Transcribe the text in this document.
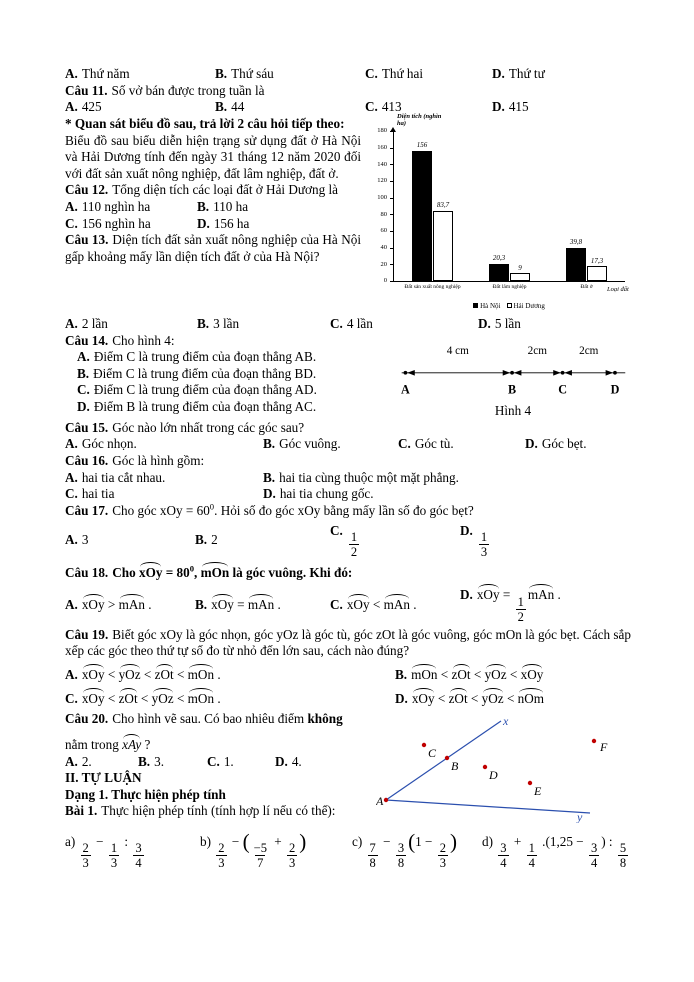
A. Thứ năm	B. Thứ sáu	C. Thứ hai	D. Thứ tư
Câu 11. Số vở bán được trong tuần là
A. 425	B. 44	C. 413	D. 415
* Quan sát biểu đồ sau, trả lời 2 câu hỏi tiếp theo:
Biểu đồ sau biểu diễn hiện trạng sử dụng đất ở Hà Nội và Hải Dương tính đến ngày 31 tháng 12 năm 2020 đối với đất sản xuất nông nghiệp, đất lâm nghiệp, đất ở.
Câu 12. Tổng diện tích các loại đất ở Hải Dương là
A. 110 nghìn ha	B. 110 ha
C. 156 nghìn ha	D. 156 ha
Câu 13. Diện tích đất sản xuất nông nghiệp của Hà Nội gấp khoảng mấy lần diện tích đất ở của Hà Nội?
Diện tích (nghìn ha)
0
20
40
60
80
100
120
140
160
180
156
83,7
Đất sản xuất nông nghiệp
20,3
9
Đất lâm nghiệp
39,8
17,3
Đất ở Loại đất
Hà Nội Hải Dương
A. 2 lần	B. 3 lần	C. 4 lần	D. 5 lần
Câu 14. Cho hình 4:
A. Điểm C là trung điểm của đoạn thẳng AB.
B. Điểm C là trung điểm của đoạn thẳng BD.
C. Điểm C là trung điểm của đoạn thẳng AD.
D. Điểm B là trung điểm của đoạn thẳng AC.
4 cm	2cm	2cm
A	B	C	D
Hình 4
Câu 15. Góc nào lớn nhất trong các góc sau?
A. Góc nhọn.	B. Góc vuông.	C. Góc tù.	D. Góc bẹt.
Câu 16. Góc là hình gồm:
A. hai tia cắt nhau.	B. hai tia cùng thuộc một mặt phẳng.
C. hai tia	D. hai tia chung gốc.
Câu 17. Cho góc xOy = $60^0$. Hỏi số đo góc xOy bằng mấy lần số đo góc bẹt?
A. 3	B. 2
C. $\frac{1}{2}$	D. $\frac{1}{3}$
Câu 18. Cho xOy = $80^0$, mOn là góc vuông. Khi đó:
A. xOy > mAn .	B. xOy = mAn .	C. xOy < mAn .
D. xOy = $\frac{1}{2}$ mAn .
Câu 19. Biết góc xOy là góc nhọn, góc yOz là góc tù, góc zOt là góc vuông, góc mOn là góc bẹt. Cách sắp xếp các góc theo thứ tự số đo từ nhỏ đến lớn sau, cách nào đúng?
A. xOy < yOz < zOt < mOn .	B. mOn < zOt < yOz < xOy
C. xOy < zOt < yOz < mOn .	D. xOy < zOt < yOz < nOm
Câu 20. Cho hình vẽ sau. Có bao nhiêu điểm không
nằm trong xAy ?
A. 2.	B. 3.	C. 1.	D. 4.
II. TỰ LUẬN
Dạng 1. Thực hiện phép tính
Bài 1. Thực hiện phép tính (tính hợp lí nếu có thể):
x
y
A
C
B
D
E
F
$a) \frac{2}{3} - \frac{1}{3}$ : $\frac{3}{4}$	$b) \frac{2}{3}$ − ( $\frac{-5}{7} + \frac{2}{3}$ )	$c) \frac{7}{8} - \frac{3}{8} (1 - \frac{2}{3}$ )	$d) \frac{3}{4} + \frac{1}{4} .(1,25 - \frac{3}{4}$ ) : $\frac{5}{8}$
